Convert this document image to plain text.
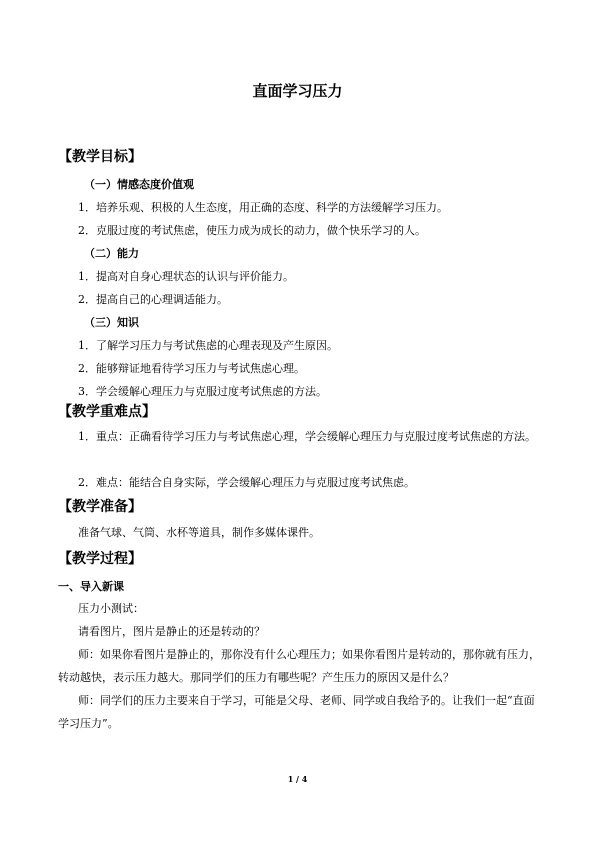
直面学习压力
【教学目标】
（一）情感态度价值观
1．培养乐观、积极的人生态度，用正确的态度、科学的方法缓解学习压力。
2．克服过度的考试焦虑，使压力成为成长的动力，做个快乐学习的人。
（二）能力
1．提高对自身心理状态的认识与评价能力。
2．提高自己的心理调适能力。
（三）知识
1．了解学习压力与考试焦虑的心理表现及产生原因。
2．能够辩证地看待学习压力与考试焦虑心理。
3．学会缓解心理压力与克服过度考试焦虑的方法。
【教学重难点】
1．重点：正确看待学习压力与考试焦虑心理，学会缓解心理压力与克服过度考试焦虑的方法。
2．难点：能结合自身实际，学会缓解心理压力与克服过度考试焦虑。
【教学准备】
准备气球、气筒、水杯等道具，制作多媒体课件。
【教学过程】
一、导入新课
压力小测试：
请看图片，图片是静止的还是转动的？
师：如果你看图片是静止的，那你没有什么心理压力；如果你看图片是转动的，那你就有压力，转动越快，表示压力越大。那同学们的压力有哪些呢？产生压力的原因又是什么？
师：同学们的压力主要来自于学习，可能是父母、老师、同学或自我给予的。让我们一起“直面学习压力”。
1 / 4
